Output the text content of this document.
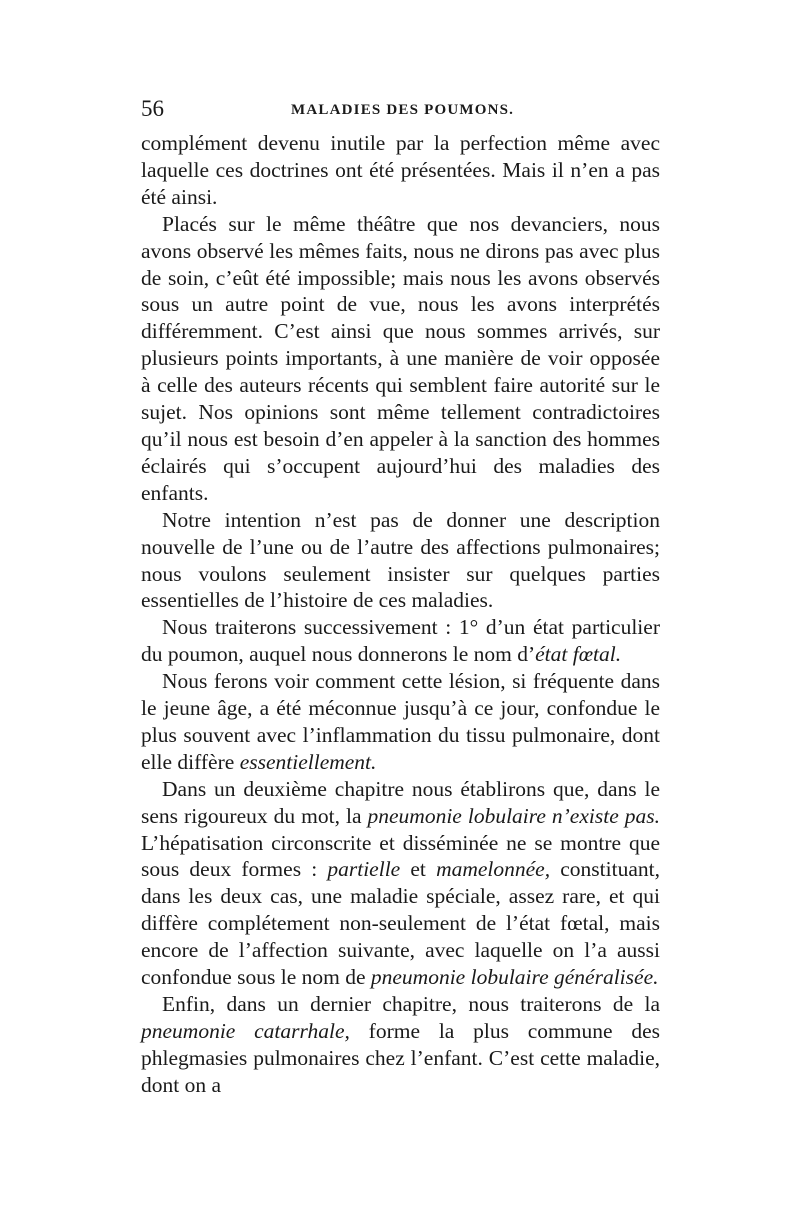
56	MALADIES DES POUMONS.

complément devenu inutile par la perfection même avec laquelle ces doctrines ont été présentées. Mais il n’en a pas été ainsi.

Placés sur le même théâtre que nos devanciers, nous avons observé les mêmes faits, nous ne dirons pas avec plus de soin, c’eût été impossible; mais nous les avons observés sous un autre point de vue, nous les avons interprétés différemment. C’est ainsi que nous sommes arrivés, sur plusieurs points importants, à une manière de voir opposée à celle des auteurs récents qui semblent faire autorité sur le sujet. Nos opinions sont même tellement contradictoires qu’il nous est besoin d’en appeler à la sanction des hommes éclairés qui s’occupent aujourd’hui des maladies des enfants.

Notre intention n’est pas de donner une description nouvelle de l’une ou de l’autre des affections pulmonaires; nous voulons seulement insister sur quelques parties essentielles de l’histoire de ces maladies.

Nous traiterons successivement : 1° d’un état particulier du poumon, auquel nous donnerons le nom d’état fœtal.

Nous ferons voir comment cette lésion, si fréquente dans le jeune âge, a été méconnue jusqu’à ce jour, confondue le plus souvent avec l’inflammation du tissu pulmonaire, dont elle diffère essentiellement.

Dans un deuxième chapitre nous établirons que, dans le sens rigoureux du mot, la pneumonie lobulaire n’existe pas. L’hépatisation circonscrite et disséminée ne se montre que sous deux formes : partielle et mamelonnée, constituant, dans les deux cas, une maladie spéciale, assez rare, et qui diffère complétement non-seulement de l’état fœtal, mais encore de l’affection suivante, avec laquelle on l’a aussi confondue sous le nom de pneumonie lobulaire généralisée.

Enfin, dans un dernier chapitre, nous traiterons de la pneumonie catarrhale, forme la plus commune des phlegmasies pulmonaires chez l’enfant. C’est cette maladie, dont on a
